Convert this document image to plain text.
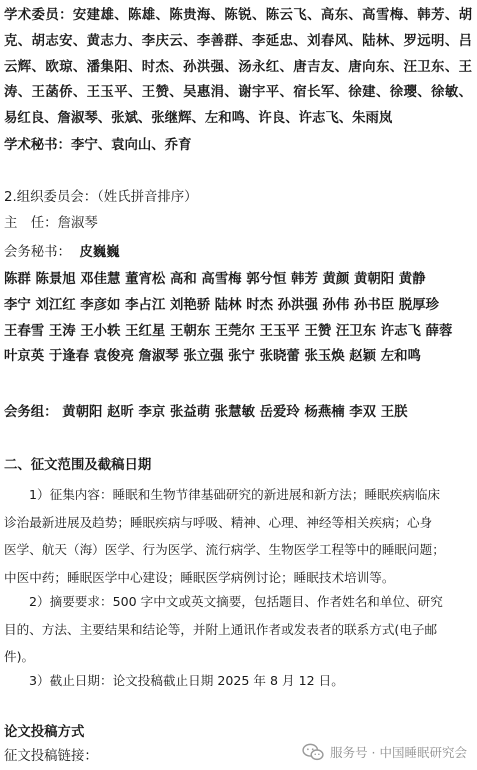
学术委员：安建雄、陈雄、陈贵海、陈锐、陈云飞、高东、高雪梅、韩芳、胡克、胡志安、黄志力、李庆云、李善群、李延忠、刘春风、陆林、罗远明、吕云辉、欧琼、潘集阳、时杰、孙洪强、汤永红、唐吉友、唐向东、汪卫东、王涛、王菡侨、王玉平、王赞、吴惠涓、谢宇平、宿长军、徐建、徐瓔、徐敏、易红良、詹淑琴、张斌、张继辉、左和鸣、许良、许志飞、朱雨岚

学术秘书：李宁、袁向山、乔育

2.组织委员会：（姓氏拼音排序）

主　任：詹淑琴

会务秘书： 皮巍巍

陈群 陈景旭 邓佳慧 董宵松 高和 高雪梅 郭兮恒 韩芳 黄颜 黄朝阳 黄静
李宁 刘江红 李彦如 李占江 刘艳骄 陆林 时杰 孙洪强 孙伟 孙书臣 脱厚珍
王春雪 王涛 王小轶 王红星 王朝东 王莞尔 王玉平 王赞 汪卫东 许志飞 薛蓉
叶京英 于逢春 袁俊亮 詹淑琴 张立强 张宁 张晓蕾 张玉焕 赵颖 左和鸣

会务组： 黄朝阳 赵昕 李京 张益萌 张慧敏 岳爱玲 杨燕楠 李双 王朕

二、征文范围及截稿日期

1）征集内容：睡眠和生物节律基础研究的新进展和新方法；睡眠疾病临床
诊治最新进展及趋势；睡眠疾病与呼吸、精神、心理、神经等相关疾病；心身
医学、航天（海）医学、行为医学、流行病学、生物医学工程等中的睡眠问题；
中医中药；睡眠医学中心建设；睡眠医学病例讨论；睡眠技术培训等。
2）摘要要求：500 字中文或英文摘要，包括题目、作者姓名和单位、研究
目的、方法、主要结果和结论等，并附上通讯作者或发表者的联系方式(电子邮
件)。

3）截止日期：论文投稿截止日期 2025 年 8 月 12 日。

论文投稿方式

征文投稿链接：	服务号 · 中国睡眠研究会
